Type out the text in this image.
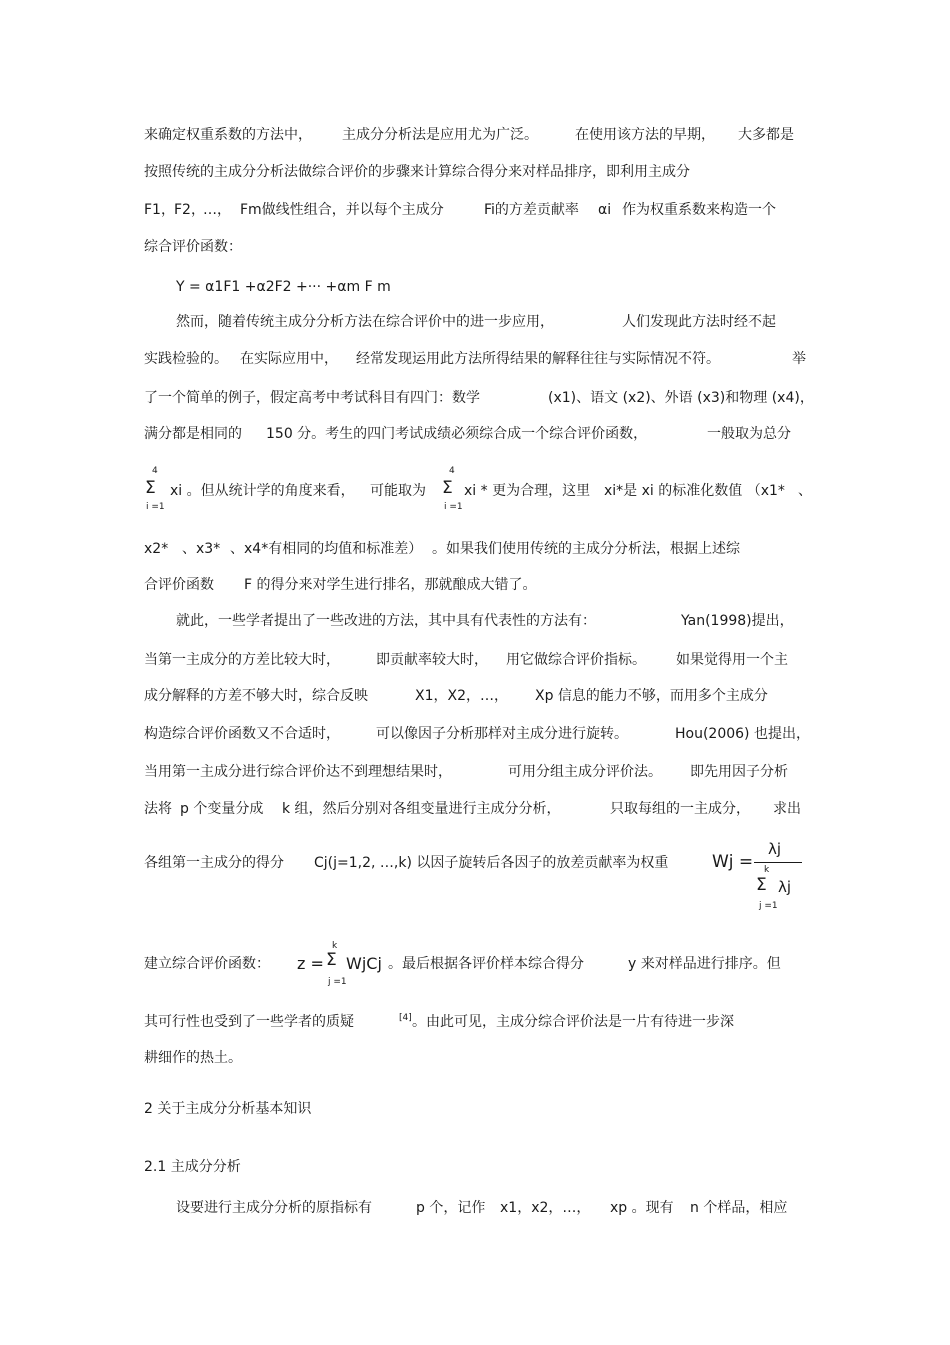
来确定权重系数的方法中， 主成分分析法是应用尤为广泛。	在使用该方法的早期， 大多都是
按照传统的主成分分析法做综合评价的步骤来计算综合得分来对样品排序，即利用主成分
F1， F2，
…， Fm做线性组合，并以每个主成分	Fi的方差贡献率 αi 作为权重系数来构造一个
综合评价函数：
Y = α1F1 +α2F2 +··· +αm F m
然而，随着传统主成分分析方法在综合评价中的进一步应用，	人们发现此方法时经不起
实践检验的。 在实际应用中， 经常发现运用此方法所得结果的解释往往与实际情况不符。	举
了一个简单的例子，假定高考中考试科目有四门：数学	(x1)、语文 (x2)、外语 (x3)和物理 (x4)，
满分都是相同的 150 分。考生的四门考试成绩必须综合成一个综合评价函数，	一般取为总分
4
Σ
i =1
xi 。但从统计学的角度来看， 可能取为	xi * 更为合理，这里 xi*是 xi 的标准化数值 （x1* 、
4
Σ
i =1
x2* 、x3* 、x4*有相同的均值和标准差） 。如果我们使用传统的主成分分析法，根据上述综
合评价函数 F 的得分来对学生进行排名，那就酿成大错了。
就此，一些学者提出了一些改进的方法，其中具有代表性的方法有：	Yan(1998)提出，
当第一主成分的方差比较大时，	即贡献率较大时， 用它做综合评价指标。 如果觉得用一个主
成分解释的方差不够大时，综合反映	X1，X2，…， Xp 信息的能力不够，而用多个主成分
构造综合评价函数又不合适时，	可以像因子分析那样对主成分进行旋转。	Hou(2006) 也提出，
当用第一主成分进行综合评价达不到理想结果时，	可用分组主成分评价法。 即先用因子分析
法将 p 个变量分成 k 组，然后分别对各组变量进行主成分分析，	只取每组的一主成分， 求出
各组第一主成分的得分 Cj(j=1,2, …,k) 以因子旋转后各因子的放差贡献率为权重	Wj =
λj
k
Σ λj
j =1
建立综合评价函数： z = WjCj 。最后根据各评价样本综合得分	y 来对样品进行排序。但
k
Σ
j =1
其可行性也受到了一些学者的质疑	[4] 。由此可见，主成分综合评价法是一片有待进一步深
耕细作的热土。
2 关于主成分分析基本知识
2.1 主成分分析
设要进行主成分分析的原指标有	p 个，记作 x1，x2，…， xp 。现有 n 个样品，相应
